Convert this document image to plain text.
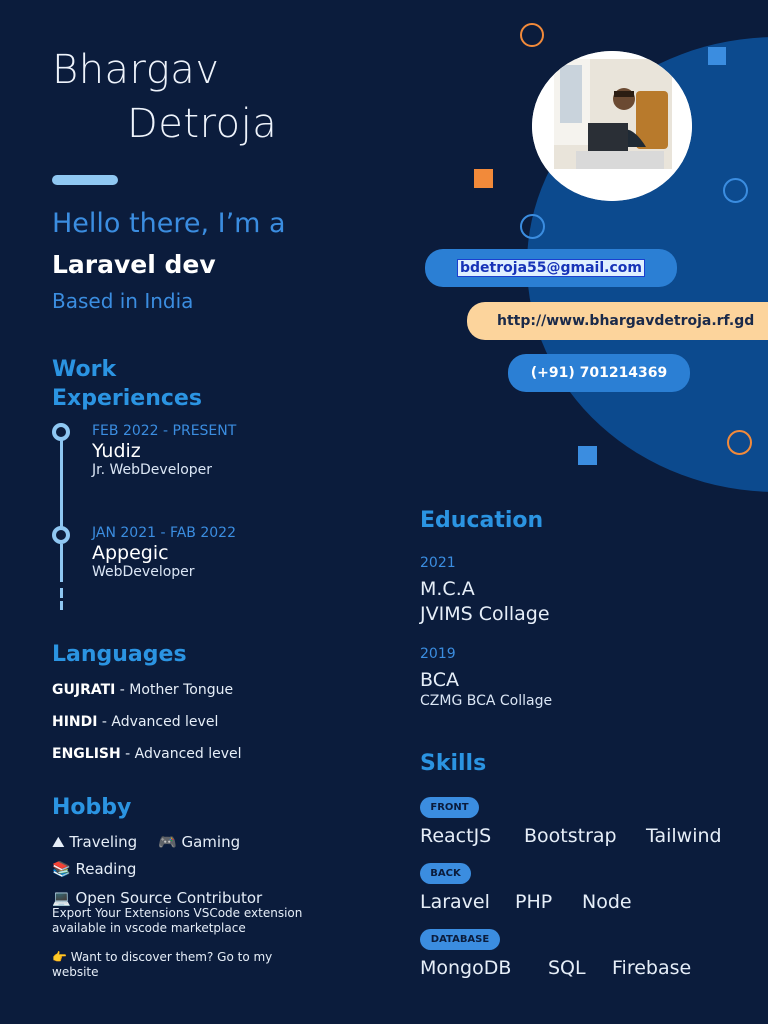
Bhargav
Detroja
Hello there, I’m a
Laravel dev
Based in India
bdetroja55@gmail.com
http://www.bhargavdetroja.rf.gd
(+91) 701214369
Work
Experiences
FEB 2022 - PRESENT
Yudiz
Jr. WebDeveloper
JAN 2021 - FAB 2022
Appegic
WebDeveloper
Languages
GUJRATI - Mother Tongue
HINDI - Advanced level
ENGLISH - Advanced level
Hobby
⛰ Traveling 🎮 Gaming
📚 Reading
💻 Open Source Contributor
Export Your Extensions VSCode extension
available in vscode marketplace
👉 Want to discover them? Go to my
website
Education
2021
M.C.A
JVIMS Collage
2019
BCA
CZMG BCA Collage
Skills
FRONT
ReactJS Bootstrap Tailwind
BACK
Laravel PHP Node
DATABASE
MongoDB SQL Firebase
